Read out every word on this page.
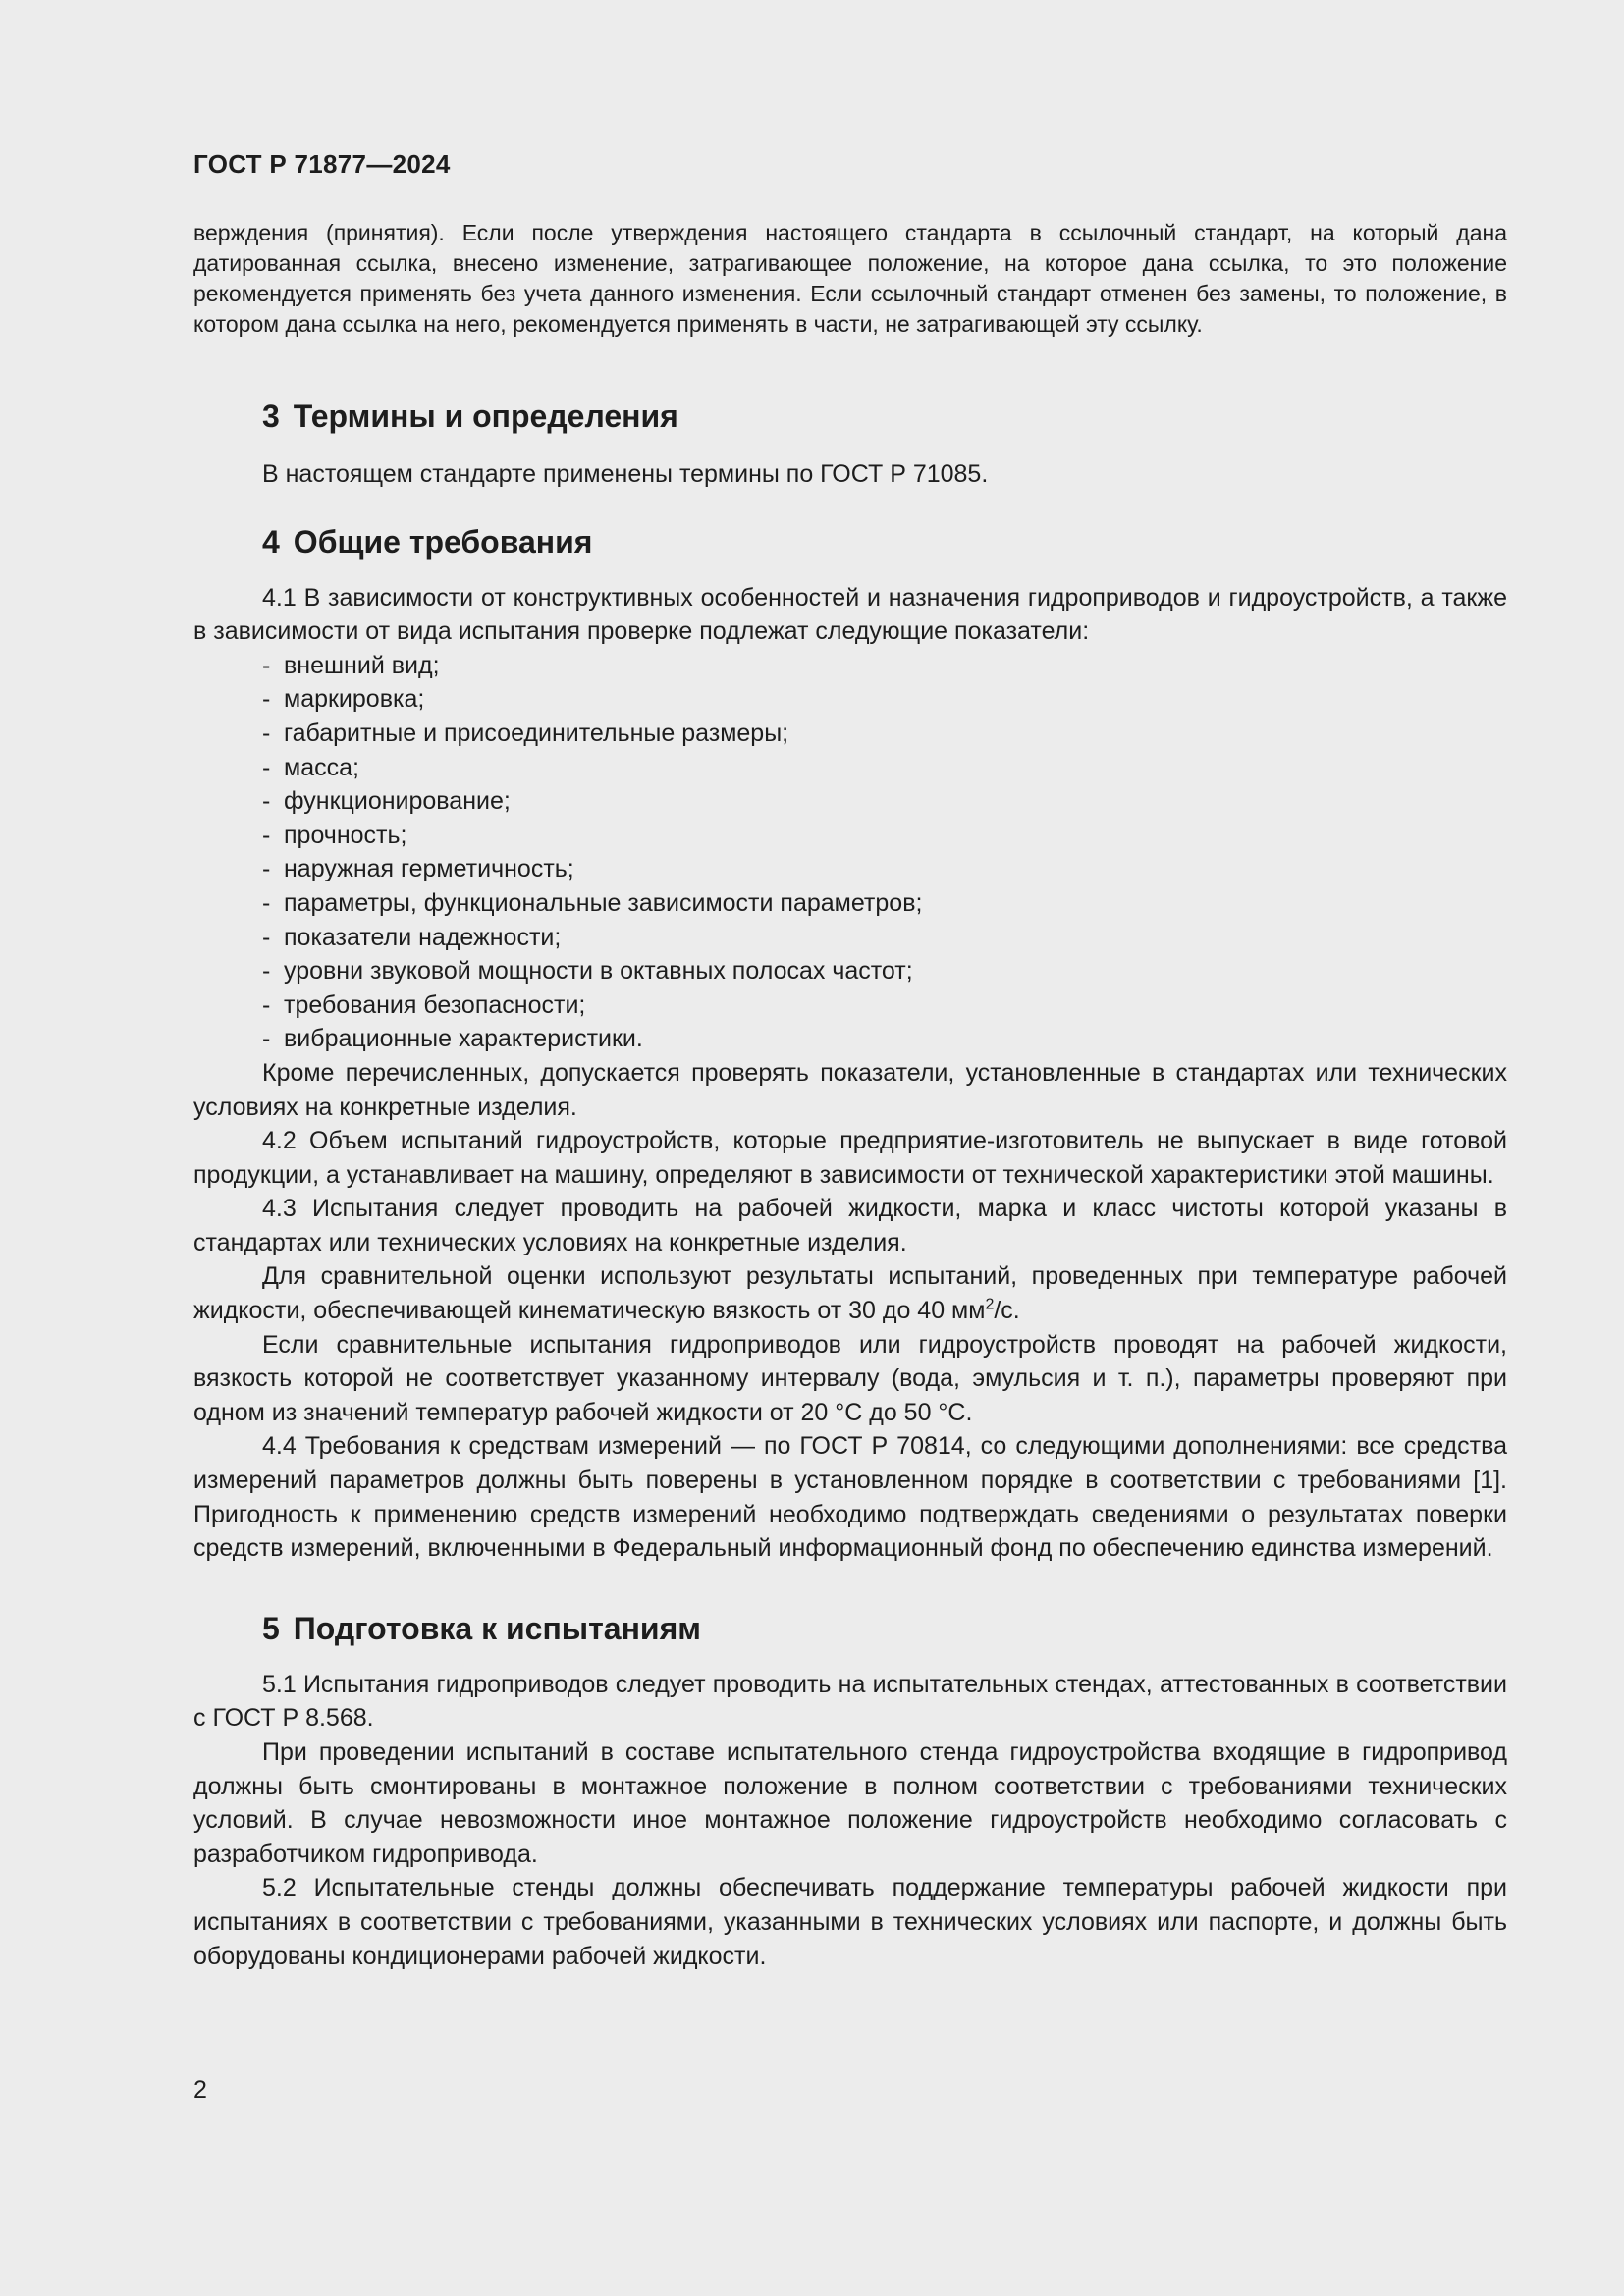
ГОСТ Р 71877—2024

верждения (принятия). Если после утверждения настоящего стандарта в ссылочный стандарт, на который дана датированная ссылка, внесено изменение, затрагивающее положение, на которое дана ссылка, то это положение рекомендуется применять без учета данного изменения. Если ссылочный стандарт отменен без замены, то положение, в котором дана ссылка на него, рекомендуется применять в части, не затрагивающей эту ссылку.

3 Термины и определения

В настоящем стандарте применены термины по ГОСТ Р 71085.

4 Общие требования

4.1 В зависимости от конструктивных особенностей и назначения гидроприводов и гидроустройств, а также в зависимости от вида испытания проверке подлежат следующие показатели:

- внешний вид;
- маркировка;
- габаритные и присоединительные размеры;
- масса;
- функционирование;
- прочность;
- наружная герметичность;
- параметры, функциональные зависимости параметров;
- показатели надежности;
- уровни звуковой мощности в октавных полосах частот;
- требования безопасности;
- вибрационные характеристики.

Кроме перечисленных, допускается проверять показатели, установленные в стандартах или технических условиях на конкретные изделия.

4.2 Объем испытаний гидроустройств, которые предприятие-изготовитель не выпускает в виде готовой продукции, а устанавливает на машину, определяют в зависимости от технической характеристики этой машины.

4.3 Испытания следует проводить на рабочей жидкости, марка и класс чистоты которой указаны в стандартах или технических условиях на конкретные изделия.

Для сравнительной оценки используют результаты испытаний, проведенных при температуре рабочей жидкости, обеспечивающей кинематическую вязкость от 30 до 40 $мм^2/с$.

Если сравнительные испытания гидроприводов или гидроустройств проводят на рабочей жидкости, вязкость которой не соответствует указанному интервалу (вода, эмульсия и т. п.), параметры проверяют при одном из значений температур рабочей жидкости от 20 °C до 50 °C.

4.4 Требования к средствам измерений — по ГОСТ Р 70814, со следующими дополнениями: все средства измерений параметров должны быть поверены в установленном порядке в соответствии с требованиями [1]. Пригодность к применению средств измерений необходимо подтверждать сведениями о результатах поверки средств измерений, включенными в Федеральный информационный фонд по обеспечению единства измерений.

5 Подготовка к испытаниям

5.1 Испытания гидроприводов следует проводить на испытательных стендах, аттестованных в соответствии с ГОСТ Р 8.568.

При проведении испытаний в составе испытательного стенда гидроустройства входящие в гидропривод должны быть смонтированы в монтажное положение в полном соответствии с требованиями технических условий. В случае невозможности иное монтажное положение гидроустройств необходимо согласовать с разработчиком гидропривода.

5.2 Испытательные стенды должны обеспечивать поддержание температуры рабочей жидкости при испытаниях в соответствии с требованиями, указанными в технических условиях или паспорте, и должны быть оборудованы кондиционерами рабочей жидкости.

2
